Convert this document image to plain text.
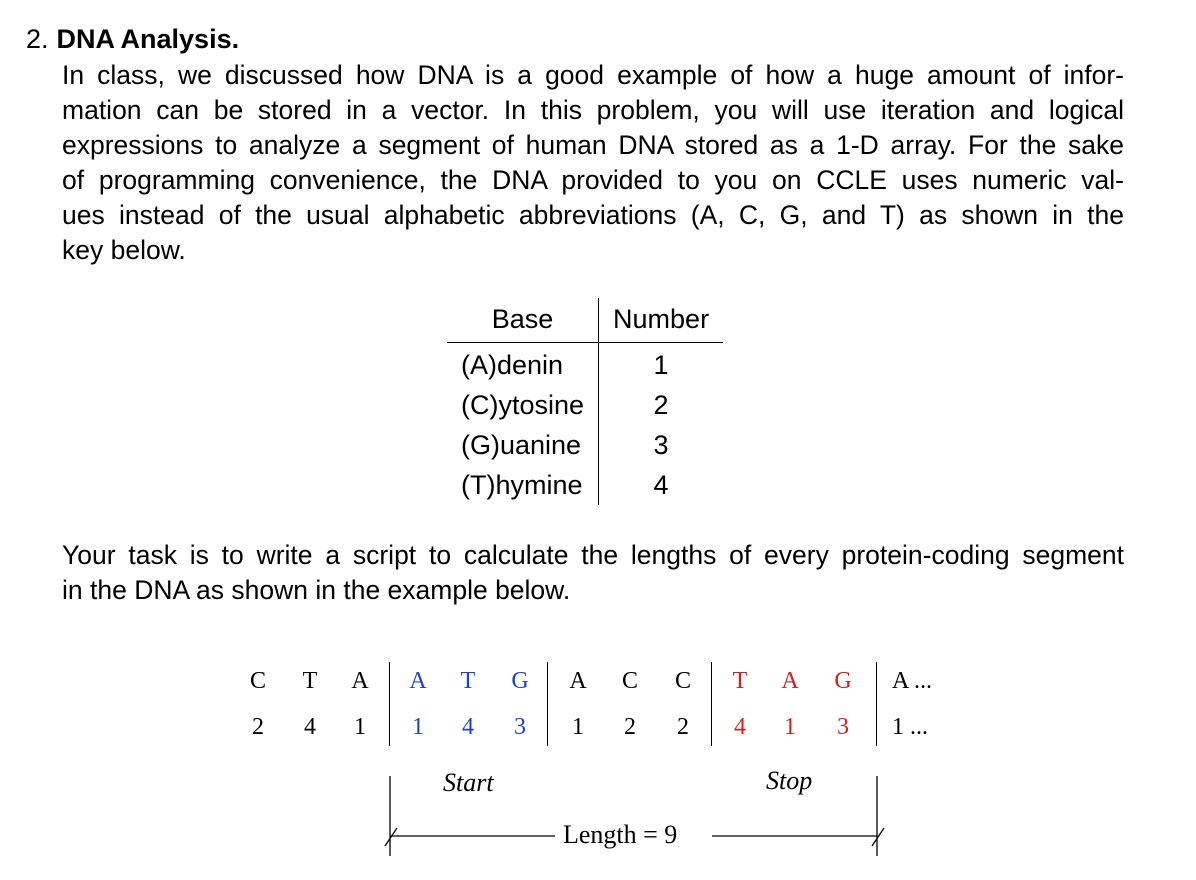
2. DNA Analysis.
In class, we discussed how DNA is a good example of how a huge amount of infor-
mation can be stored in a vector. In this problem, you will use iteration and logical
expressions to analyze a segment of human DNA stored as a 1-D array. For the sake
of programming convenience, the DNA provided to you on CCLE uses numeric val-
ues instead of the usual alphabetic abbreviations (A, C, G, and T) as shown in the
key below.
Base	Number
(A)denin	1
(C)ytosine	2
(G)uanine	3
(T)hymine	4
Your task is to write a script to calculate the lengths of every protein-coding segment
in the DNA as shown in the example below.
C	T	A	A	T	G	A	C	C	T	A	G	A ...
2	4	1	1	4	3	1	2	2	4	1	3	1 ...
Start	Stop
Length = 9
